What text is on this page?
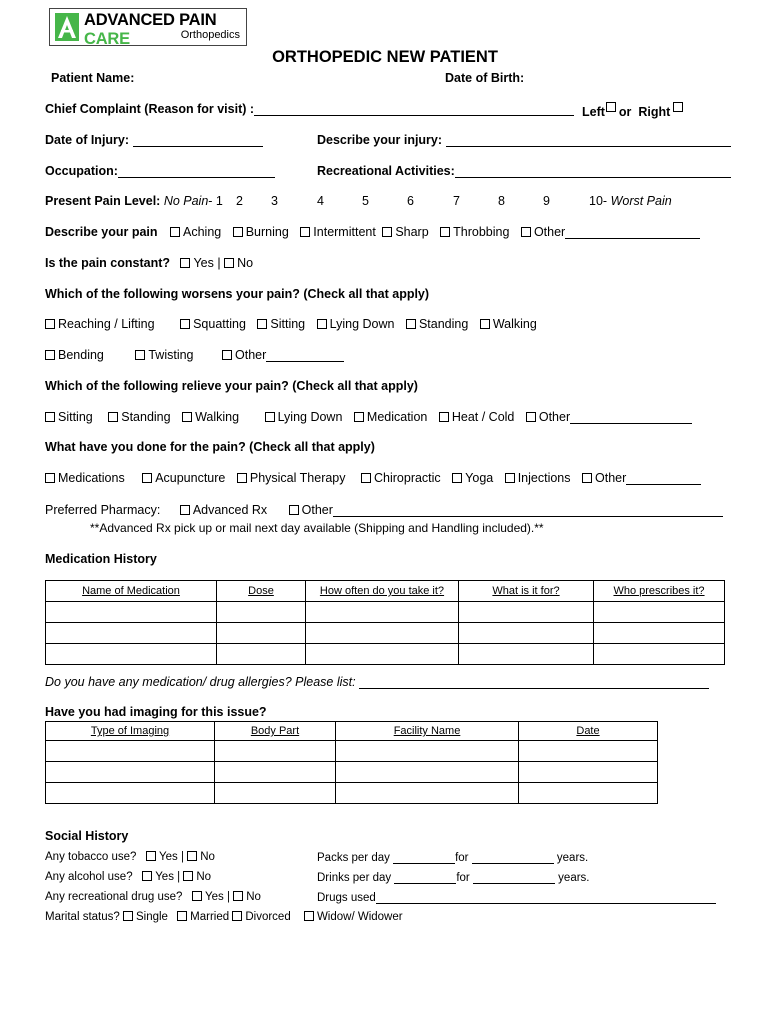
ADVANCED PAIN CARE	Orthopedics
ORTHOPEDIC NEW PATIENT
Patient Name:	Date of Birth:
Chief Complaint (Reason for visit) :	Left or Right
Date of Injury:	Describe your injury:
Occupation:	Recreational Activities:
Present Pain Level: No Pain- 1 2 3	4	5	6	7	8	9	10- Worst Pain
Describe your pain	Aching Burning Intermittent Sharp Throbbing Other
Is the pain constant? Yes | No
Which of the following worsens your pain? (Check all that apply)
Reaching / Lifting	Squatting Sitting Lying Down Standing Walking
Bending	Twisting	Other
Which of the following relieve your pain? (Check all that apply)
Sitting Standing Walking	Lying Down Medication Heat / Cold Other
What have you done for the pain? (Check all that apply)
Medications Acupuncture Physical Therapy Chiropractic Yoga Injections Other
Preferred Pharmacy:	Advanced Rx	Other
**Advanced Rx pick up or mail next day available (Shipping and Handling included).**
Medication History
Name of Medication	Dose	How often do you take it?	What is it for?	Who prescribes it?

Do you have any medication/ drug allergies? Please list:
Have you had imaging for this issue?
Type of Imaging	Body Part	Facility Name	Date

Social History
Any tobacco use? Yes | No	Packs per day	for	years.
Any alcohol use? Yes | No	Drinks per day	for	years.
Any recreational drug use? Yes | No	Drugs used
Marital status? Single Married Divorced Widow/ Widower
